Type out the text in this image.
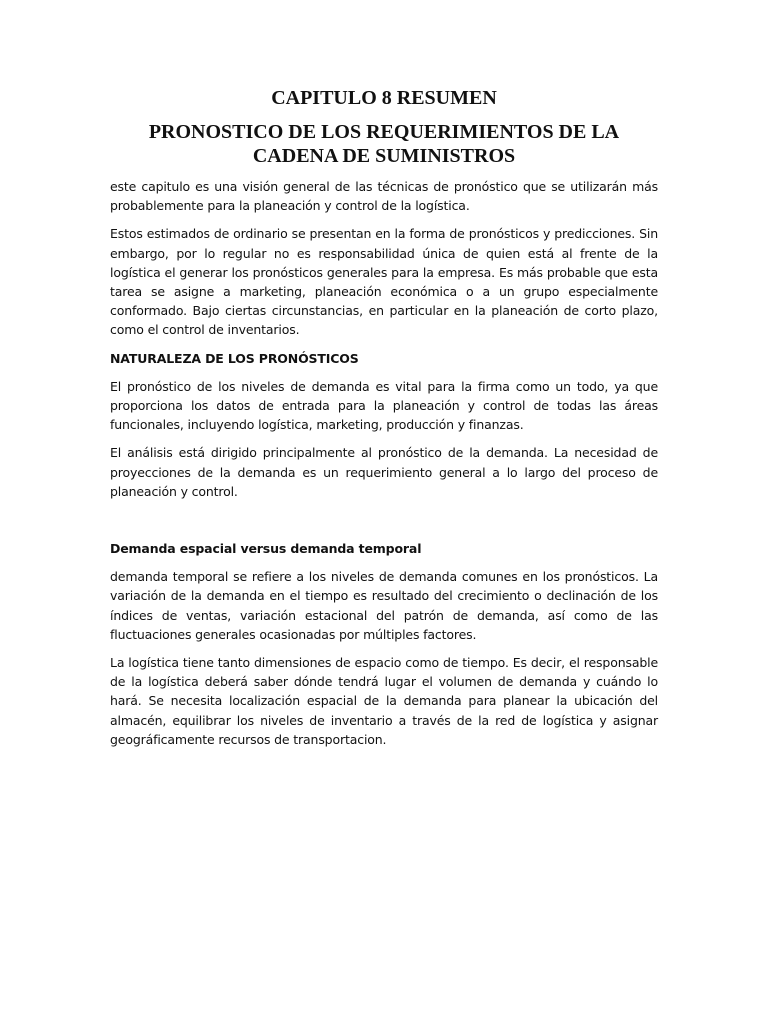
CAPITULO 8 RESUMEN
PRONOSTICO DE LOS REQUERIMIENTOS DE LA CADENA DE SUMINISTROS

este capitulo es una visión general de las técnicas de pronóstico que se utilizarán más probablemente para la planeación y control de la logística.

Estos estimados de ordinario se presentan en la forma de pronósticos y predicciones. Sin embargo, por lo regular no es responsabilidad única de quien está al frente de la logística el generar los pronósticos generales para la empresa. Es más probable que esta tarea se asigne a marketing, planeación económica o a un grupo especialmente conformado. Bajo ciertas circunstancias, en particular en la planeación de corto plazo, como el control de inventarios.

NATURALEZA DE LOS PRONÓSTICOS

El pronóstico de los niveles de demanda es vital para la firma como un todo, ya que proporciona los datos de entrada para la planeación y control de todas las áreas funcionales, incluyendo logística, marketing, producción y finanzas.

El análisis está dirigido principalmente al pronóstico de la demanda. La necesidad de proyecciones de la demanda es un requerimiento general a lo largo del proceso de planeación y control.

Demanda espacial versus demanda temporal

demanda temporal se refiere a los niveles de demanda comunes en los pronósticos. La variación de la demanda en el tiempo es resultado del crecimiento o declinación de los índices de ventas, variación estacional del patrón de demanda, así como de las fluctuaciones generales ocasionadas por múltiples factores.

La logística tiene tanto dimensiones de espacio como de tiempo. Es decir, el responsable de la logística deberá saber dónde tendrá lugar el volumen de demanda y cuándo lo hará. Se necesita localización espacial de la demanda para planear la ubicación del almacén, equilibrar los niveles de inventario a través de la red de logística y asignar geográficamente recursos de transportacion.
